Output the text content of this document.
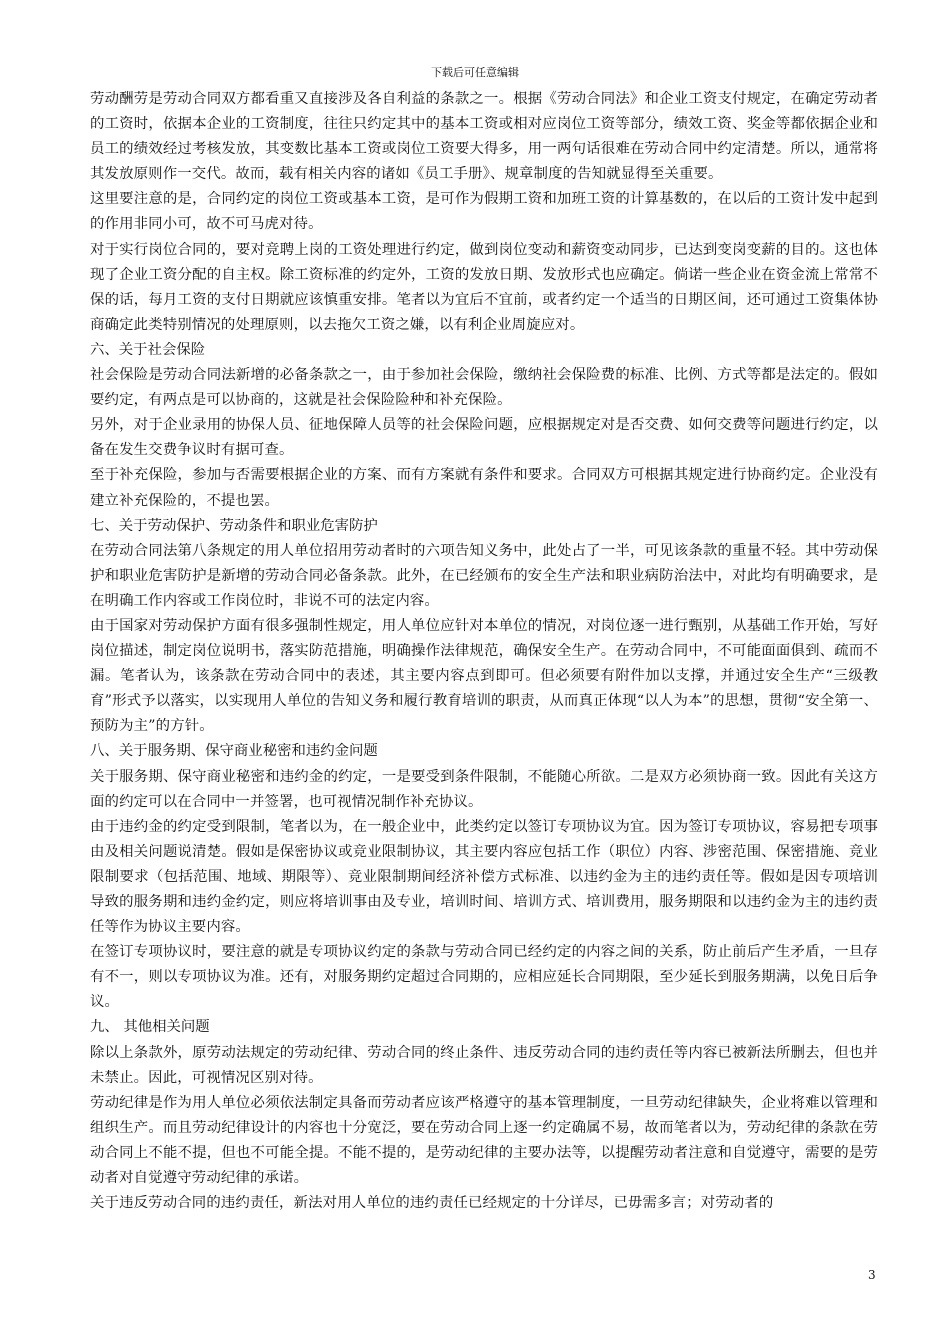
下载后可任意编辑

劳动酬劳是劳动合同双方都看重又直接涉及各自利益的条款之一。根据《劳动合同法》和企业工资支付规定，在确定劳动者的工资时，依据本企业的工资制度，往往只约定其中的基本工资或相对应岗位工资等部分，绩效工资、奖金等都依据企业和员工的绩效经过考核发放，其变数比基本工资或岗位工资要大得多，用一两句话很难在劳动合同中约定清楚。所以，通常将其发放原则作一交代。故而，载有相关内容的诸如《员工手册》、规章制度的告知就显得至关重要。

这里要注意的是，合同约定的岗位工资或基本工资，是可作为假期工资和加班工资的计算基数的，在以后的工资计发中起到的作用非同小可，故不可马虎对待。

对于实行岗位合同的，要对竞聘上岗的工资处理进行约定，做到岗位变动和薪资变动同步，已达到变岗变薪的目的。这也体现了企业工资分配的自主权。除工资标准的约定外，工资的发放日期、发放形式也应确定。倘诺一些企业在资金流上常常不保的话，每月工资的支付日期就应该慎重安排。笔者以为宜后不宜前，或者约定一个适当的日期区间，还可通过工资集体协商确定此类特别情况的处理原则，以去拖欠工资之嫌，以有利企业周旋应对。

六、关于社会保险

社会保险是劳动合同法新增的必备条款之一，由于参加社会保险，缴纳社会保险费的标准、比例、方式等都是法定的。假如要约定，有两点是可以协商的，这就是社会保险险种和补充保险。

另外，对于企业录用的协保人员、征地保障人员等的社会保险问题，应根据规定对是否交费、如何交费等问题进行约定，以备在发生交费争议时有据可查。

至于补充保险，参加与否需要根据企业的方案、而有方案就有条件和要求。合同双方可根据其规定进行协商约定。企业没有建立补充保险的，不提也罢。

七、关于劳动保护、劳动条件和职业危害防护

在劳动合同法第八条规定的用人单位招用劳动者时的六项告知义务中，此处占了一半，可见该条款的重量不轻。其中劳动保护和职业危害防护是新增的劳动合同必备条款。此外，在已经颁布的安全生产法和职业病防治法中，对此均有明确要求，是在明确工作内容或工作岗位时，非说不可的法定内容。

由于国家对劳动保护方面有很多强制性规定，用人单位应针对本单位的情况，对岗位逐一进行甄别，从基础工作开始，写好岗位描述，制定岗位说明书，落实防范措施，明确操作法律规范，确保安全生产。在劳动合同中，不可能面面俱到、疏而不漏。笔者认为，该条款在劳动合同中的表述，其主要内容点到即可。但必须要有附件加以支撑，并通过安全生产“三级教育”形式予以落实，以实现用人单位的告知义务和履行教育培训的职责，从而真正体现“以人为本”的思想，贯彻“安全第一、预防为主”的方针。

八、关于服务期、保守商业秘密和违约金问题

关于服务期、保守商业秘密和违约金的约定，一是要受到条件限制，不能随心所欲。二是双方必须协商一致。因此有关这方面的约定可以在合同中一并签署，也可视情况制作补充协议。

由于违约金的约定受到限制，笔者以为，在一般企业中，此类约定以签订专项协议为宜。因为签订专项协议，容易把专项事由及相关问题说清楚。假如是保密协议或竞业限制协议，其主要内容应包括工作（职位）内容、涉密范围、保密措施、竞业限制要求（包括范围、地域、期限等）、竞业限制期间经济补偿方式标准、以违约金为主的违约责任等。假如是因专项培训导致的服务期和违约金约定，则应将培训事由及专业，培训时间、培训方式、培训费用，服务期限和以违约金为主的违约责任等作为协议主要内容。

在签订专项协议时，要注意的就是专项协议约定的条款与劳动合同已经约定的内容之间的关系，防止前后产生矛盾，一旦存有不一，则以专项协议为准。还有，对服务期约定超过合同期的，应相应延长合同期限，至少延长到服务期满，以免日后争议。

九、 其他相关问题

除以上条款外，原劳动法规定的劳动纪律、劳动合同的终止条件、违反劳动合同的违约责任等内容已被新法所删去，但也并未禁止。因此，可视情况区别对待。

劳动纪律是作为用人单位必须依法制定具备而劳动者应该严格遵守的基本管理制度，一旦劳动纪律缺失，企业将难以管理和组织生产。而且劳动纪律设计的内容也十分宽泛，要在劳动合同上逐一约定确属不易，故而笔者以为，劳动纪律的条款在劳动合同上不能不提，但也不可能全提。不能不提的，是劳动纪律的主要办法等，以提醒劳动者注意和自觉遵守，需要的是劳动者对自觉遵守劳动纪律的承诺。

关于违反劳动合同的违约责任，新法对用人单位的违约责任已经规定的十分详尽，已毋需多言；对劳动者的

3
